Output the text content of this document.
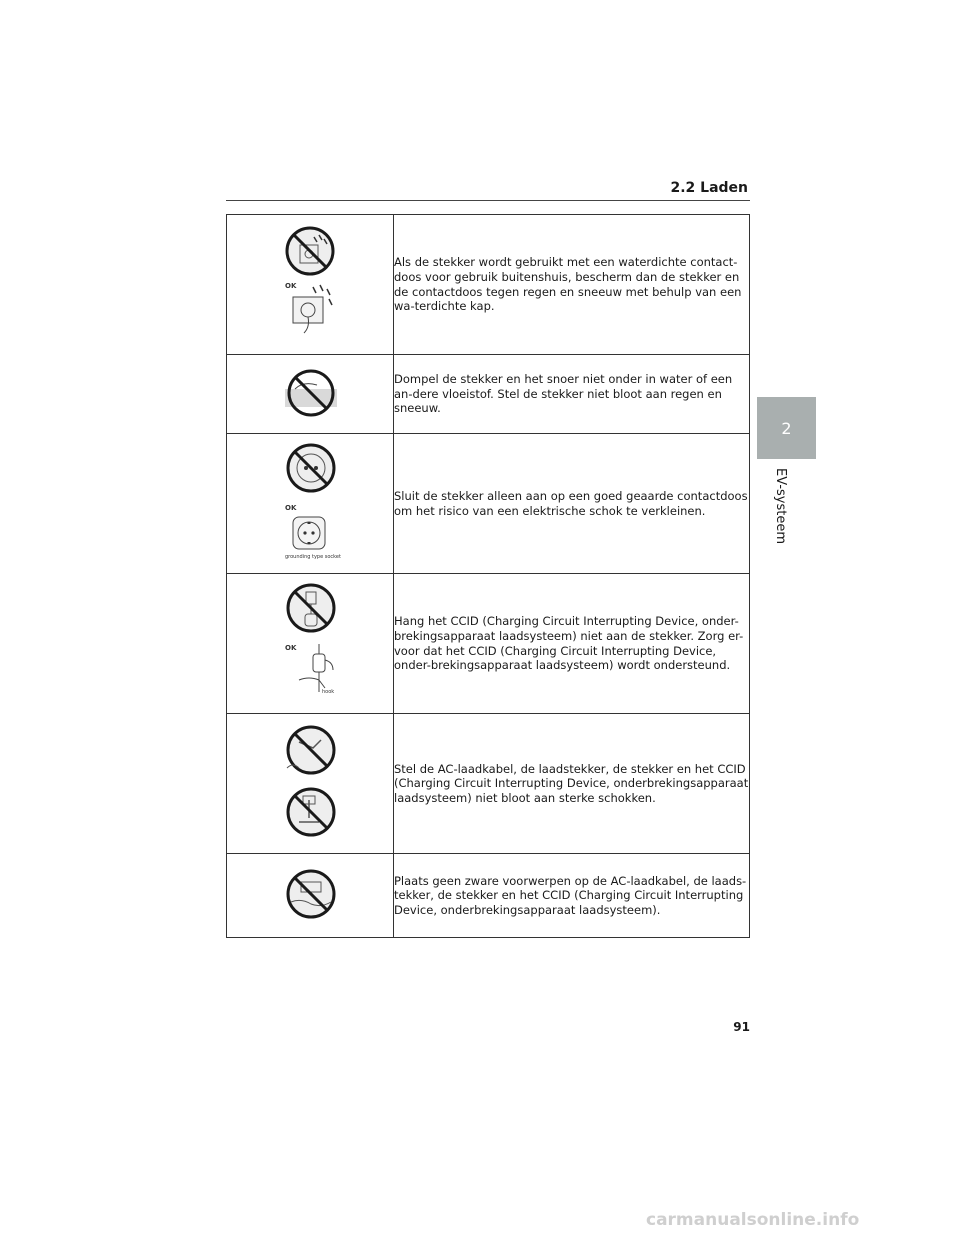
2.2 Laden
2
EV-systeem
OK	Als de stekker wordt gebruikt met een waterdichte contact-doos voor gebruik buitenshuis, bescherm dan de stekker en de contactdoos tegen regen en sneeuw met behulp van een wa-terdichte kap.

	Dompel de stekker en het snoer niet onder in water of een an-dere vloeistof. Stel de stekker niet bloot aan regen en sneeuw.

OK
grounding type socket	Sluit de stekker alleen aan op een goed geaarde contactdoos om het risico van een elektrische schok te verkleinen.

OK
hook	Hang het CCID (Charging Circuit Interrupting Device, onder-brekingsapparaat laadsysteem) niet aan de stekker. Zorg er-voor dat het CCID (Charging Circuit Interrupting Device, onder-brekingsapparaat laadsysteem) wordt ondersteund.

	Stel de AC-laadkabel, de laadstekker, de stekker en het CCID (Charging Circuit Interrupting Device, onderbrekingsapparaat laadsysteem) niet bloot aan sterke schokken.

	Plaats geen zware voorwerpen op de AC-laadkabel, de laads-tekker, de stekker en het CCID (Charging Circuit Interrupting Device, onderbrekingsapparaat laadsysteem).
91
carmanualsonline.info
